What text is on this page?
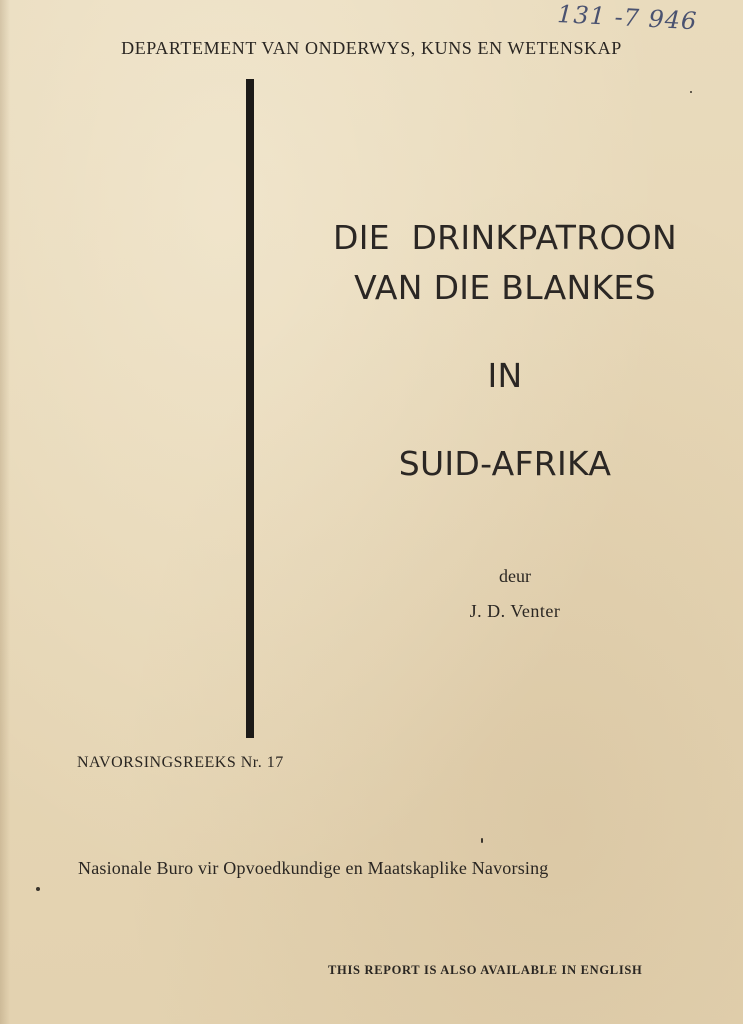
131 -7 946
DEPARTEMENT VAN ONDERWYS, KUNS EN WETENSKAP
DIE  DRINKPATROON
VAN DIE BLANKES
IN
SUID-AFRIKA
deur
J. D. Venter
NAVORSINGSREEKS Nr. 17
Nasionale Buro vir Opvoedkundige en Maatskaplike Navorsing
THIS REPORT IS ALSO AVAILABLE IN ENGLISH
